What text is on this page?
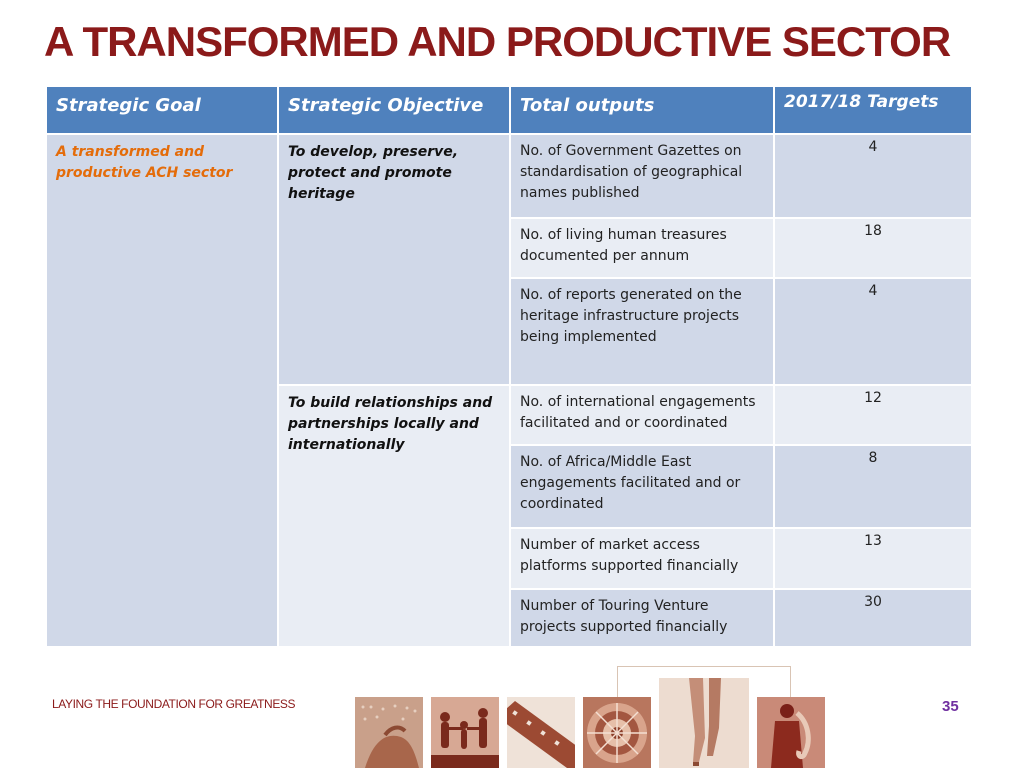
A TRANSFORMED AND PRODUCTIVE SECTOR
Strategic Goal	Strategic Objective	Total outputs	2017/18 Targets
A transformed and productive ACH sector	To develop, preserve, protect and promote heritage	No. of Government Gazettes on standardisation of geographical names published	4
		No. of living human treasures documented per annum	18
		No. of reports generated on the heritage infrastructure projects being implemented	4
	To build relationships and partnerships locally and internationally	No. of international engagements facilitated and or coordinated	12
		No. of Africa/Middle East engagements facilitated and or coordinated	8
		Number of market access platforms supported financially	13
		Number of Touring Venture projects supported financially	30
LAYING THE FOUNDATION FOR GREATNESS	35
